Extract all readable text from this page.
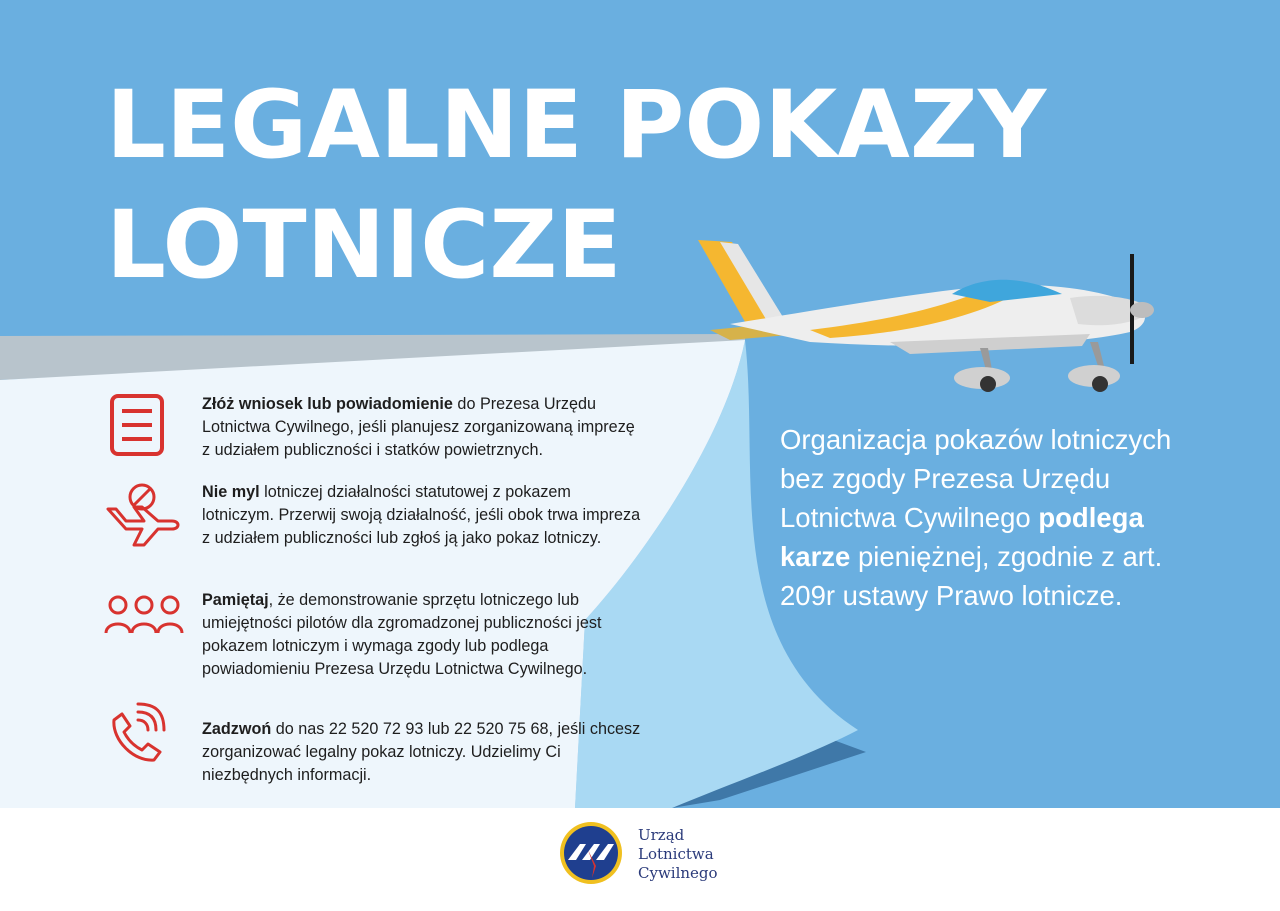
LEGALNE POKAZY
LOTNICZE

Złóż wniosek lub powiadomienie do Prezesa Urzędu Lotnictwa Cywilnego, jeśli planujesz zorganizowaną imprezę z udziałem publiczności i statków powietrznych.

Nie myl lotniczej działalności statutowej z pokazem lotniczym. Przerwij swoją działalność, jeśli obok trwa impreza z udziałem publiczności lub zgłoś ją jako pokaz lotniczy.

Pamiętaj, że demonstrowanie sprzętu lotniczego lub umiejętności pilotów dla zgromadzonej publiczności jest pokazem lotniczym i wymaga zgody lub podlega powiadomieniu Prezesa Urzędu Lotnictwa Cywilnego.

Zadzwoń do nas 22 520 72 93 lub 22 520 75 68, jeśli chcesz zorganizować legalny pokaz lotniczy. Udzielimy Ci niezbędnych informacji.

Organizacja pokazów lotniczych bez zgody Prezesa Urzędu Lotnictwa Cywilnego podlega karze pieniężnej, zgodnie z art. 209r ustawy Prawo lotnicze.

Urząd
Lotnictwa
Cywilnego
